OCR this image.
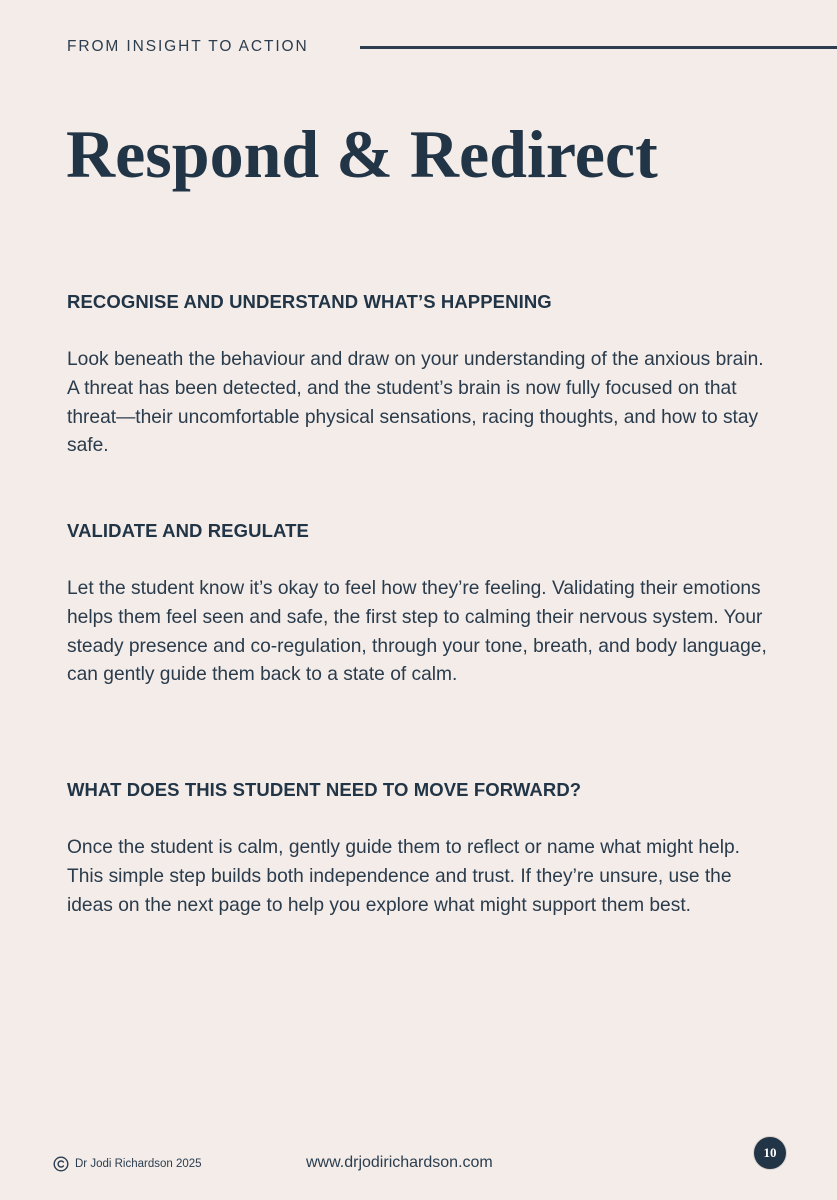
FROM INSIGHT TO ACTION
Respond & Redirect
RECOGNISE AND UNDERSTAND WHAT’S HAPPENING

Look beneath the behaviour and draw on your understanding of the anxious brain. A threat has been detected, and the student’s brain is now fully focused on that threat—their uncomfortable physical sensations, racing thoughts, and how to stay safe.

VALIDATE AND REGULATE

Let the student know it’s okay to feel how they’re feeling. Validating their emotions helps them feel seen and safe, the first step to calming their nervous system. Your steady presence and co-regulation, through your tone, breath, and body language, can gently guide them back to a state of calm.

WHAT DOES THIS STUDENT NEED TO MOVE FORWARD?

Once the student is calm, gently guide them to reflect or name what might help. This simple step builds both independence and trust. If they’re unsure, use the ideas on the next page to help you explore what might support them best.

Dr Jodi Richardson 2025	www.drjodirichardson.com
10
